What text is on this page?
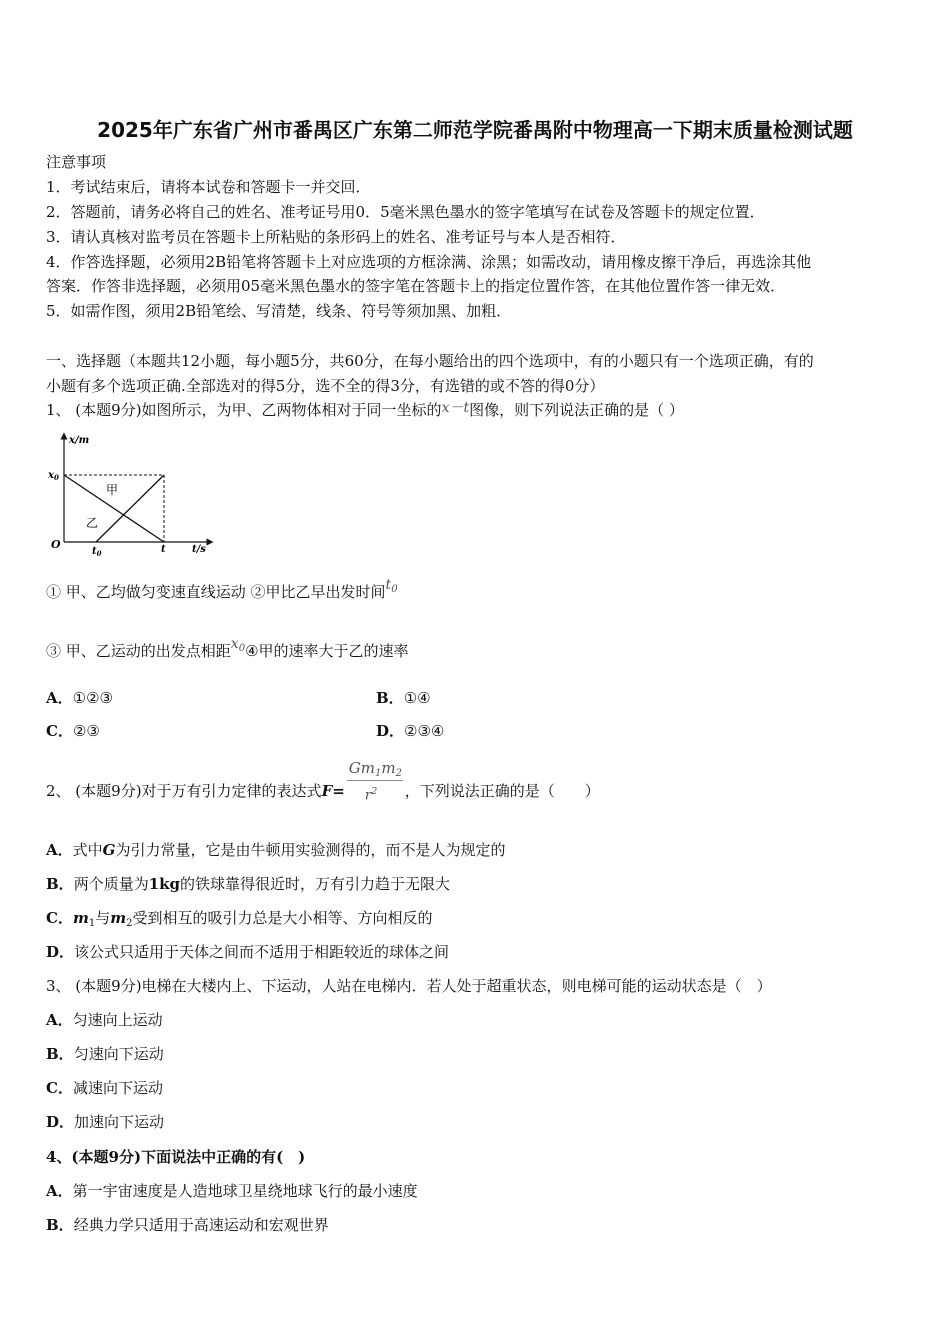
2025年广东省广州市番禺区广东第二师范学院番禺附中物理高一下期末质量检测试题
注意事项
1．考试结束后，请将本试卷和答题卡一并交回．
2．答题前，请务必将自己的姓名、准考证号用0．5毫米黑色墨水的签字笔填写在试卷及答题卡的规定位置．
3．请认真核对监考员在答题卡上所粘贴的条形码上的姓名、准考证号与本人是否相符．
4．作答选择题，必须用2B铅笔将答题卡上对应选项的方框涂满、涂黑；如需改动，请用橡皮擦干净后，再选涂其他
答案．作答非选择题，必须用05毫米黑色墨水的签字笔在答题卡上的指定位置作答，在其他位置作答一律无效．
5．如需作图，须用2B铅笔绘、写清楚，线条、符号等须加黑、加粗．
一、选择题（本题共12小题，每小题5分，共60分，在每小题给出的四个选项中，有的小题只有一个选项正确，有的
小题有多个选项正确.全部选对的得5分，选不全的得3分，有选错的或不答的得0分）
1、 (本题9分)如图所示，为甲、乙两物体相对于同一坐标的x－t图像，则下列说法正确的是（ ）
x/m
t/s
O
$x_0$
$t_0$	t
甲
乙
① 甲、乙均做匀变速直线运动 ②甲比乙早出发时间$t_0$
③ 甲、乙运动的出发点相距$x_0④$甲的速率大于乙的速率
A．①②③	B．①④
C．②③	D．②③④
2、 (本题9分)对于万有引力定律的表达式$F= \frac{Gm_1m_2}{r^2}$ ，下列说法正确的是（　　）
A．式中G为引力常量，它是由牛顿用实验测得的，而不是人为规定的
B．两个质量为1kg的铁球靠得很近时，万有引力趋于无限大
C．$m_1$与$m_2$受到相互的吸引力总是大小相等、方向相反的
D．该公式只适用于天体之间而不适用于相距较近的球体之间
3、 (本题9分)电梯在大楼内上、下运动，人站在电梯内．若人处于超重状态，则电梯可能的运动状态是（　）
A．匀速向上运动
B．匀速向下运动
C．减速向下运动
D．加速向下运动
4、(本题9分)下面说法中正确的有(　)
A．第一宇宙速度是人造地球卫星绕地球飞行的最小速度
B．经典力学只适用于高速运动和宏观世界
